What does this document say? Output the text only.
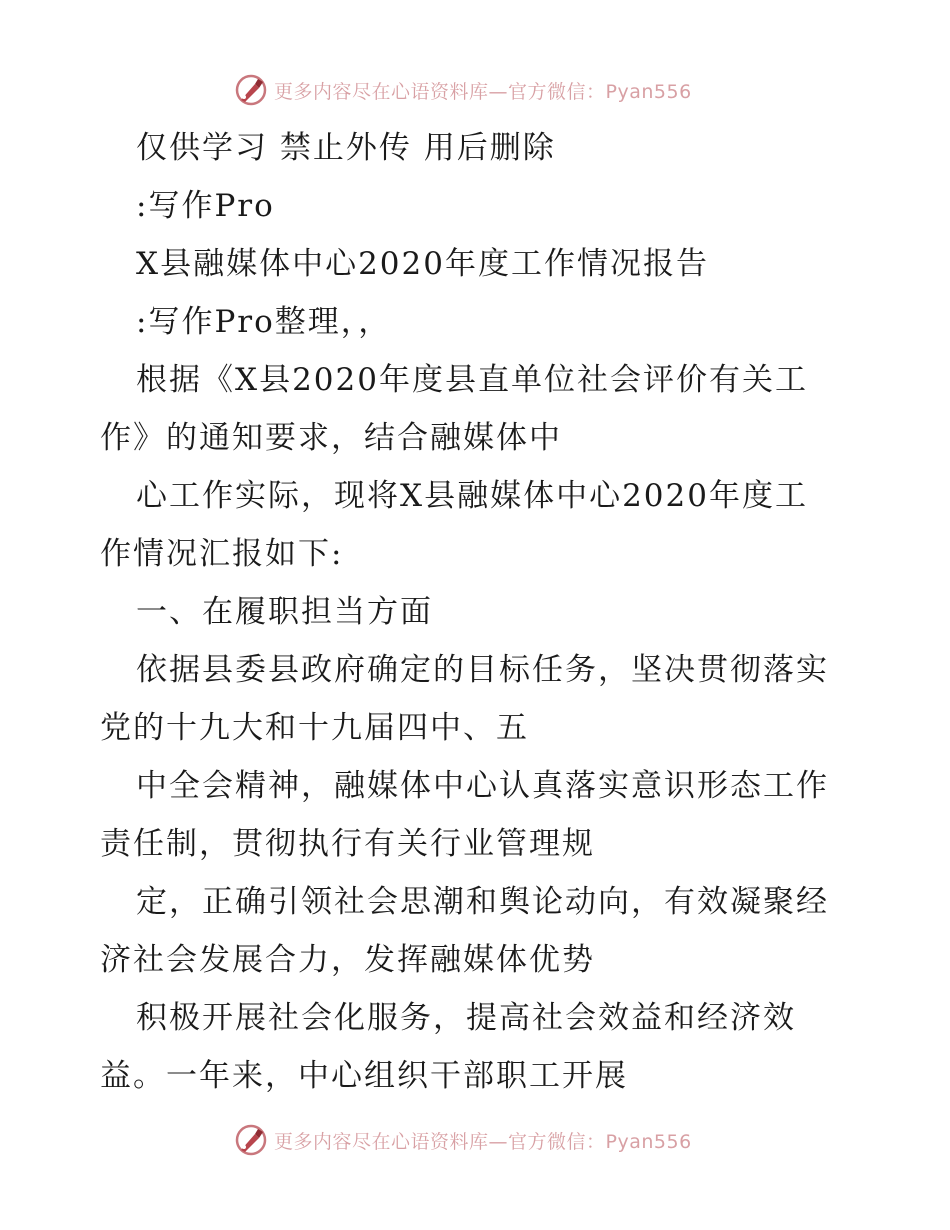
更多内容尽在心语资料库—官方微信：Pyan556
仅供学习 禁止外传 用后删除
:写作Pro
X县融媒体中心2020年度工作情况报告
:写作Pro整理，，
根据《X县2020年度县直单位社会评价有关工
作》的通知要求，结合融媒体中
心工作实际，现将X县融媒体中心2020年度工
作情况汇报如下:
一、在履职担当方面
依据县委县政府确定的目标任务，坚决贯彻落实
党的十九大和十九届四中、五
中全会精神，融媒体中心认真落实意识形态工作
责任制，贯彻执行有关行业管理规
定，正确引领社会思潮和舆论动向，有效凝聚经
济社会发展合力，发挥融媒体优势
积极开展社会化服务，提高社会效益和经济效
益。一年来，中心组织干部职工开展
更多内容尽在心语资料库—官方微信：Pyan556
